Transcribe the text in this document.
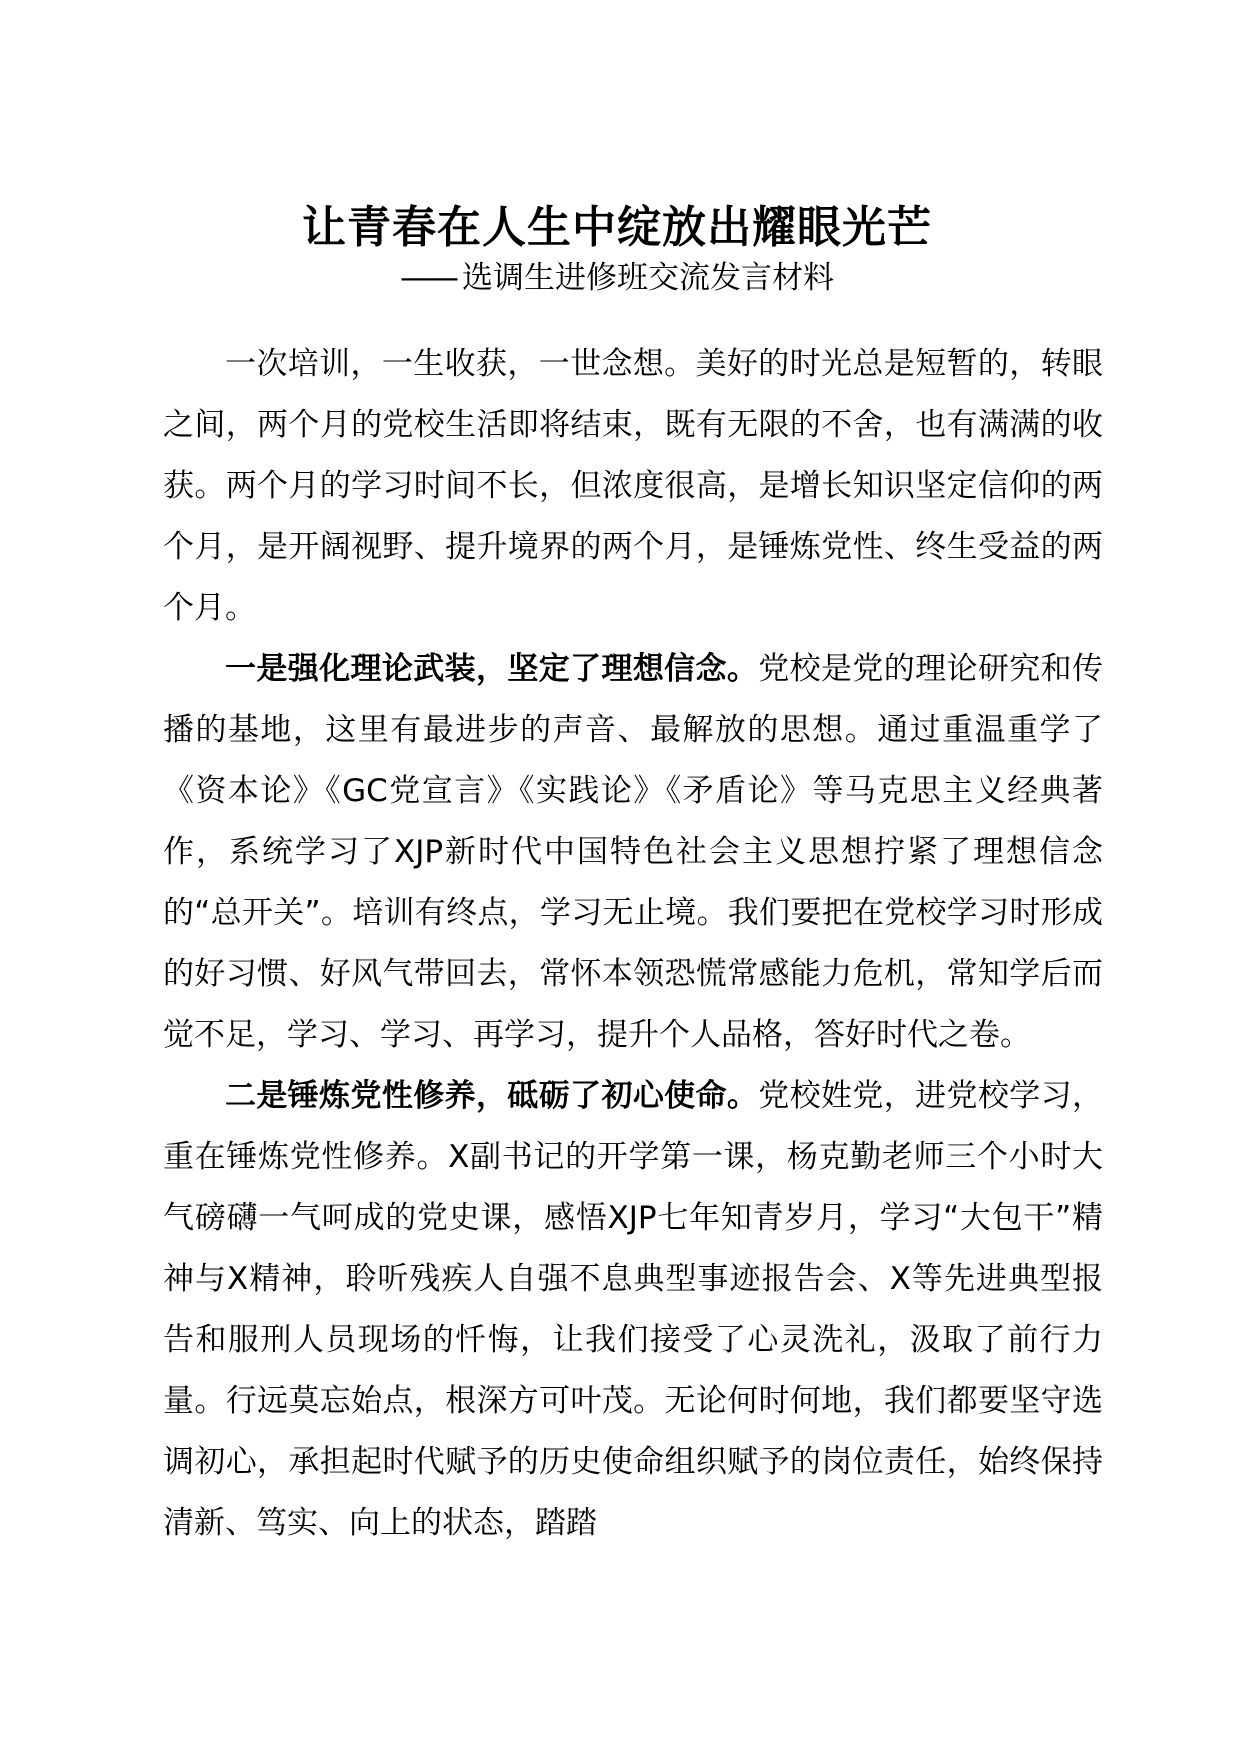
让青春在人生中绽放出耀眼光芒
—— 选调生进修班交流发言材料

一次培训，一生收获，一世念想。美好的时光总是短暂的，转眼之间，两个月的党校生活即将结束，既有无限的不舍，也有满满的收获。两个月的学习时间不长，但浓度很高，是增长知识坚定信仰的两个月，是开阔视野、提升境界的两个月，是锤炼党性、终生受益的两个月。

一是强化理论武装，坚定了理想信念。党校是党的理论研究和传播的基地，这里有最进步的声音、最解放的思想。通过重温重学了《资本论》《GC党宣言》《实践论》《矛盾论》等马克思主义经典著作，系统学习了XJP新时代中国特色社会主义思想拧紧了理想信念的“总开关”。培训有终点，学习无止境。我们要把在党校学习时形成的好习惯、好风气带回去，常怀本领恐慌常感能力危机，常知学后而觉不足，学习、学习、再学习，提升个人品格，答好时代之卷。

二是锤炼党性修养，砥砺了初心使命。党校姓党，进党校学习，重在锤炼党性修养。X副书记的开学第一课，杨克勤老师三个小时大气磅礴一气呵成的党史课，感悟XJP七年知青岁月，学习“大包干”精神与X精神，聆听残疾人自强不息典型事迹报告会、X等先进典型报告和服刑人员现场的忏悔，让我们接受了心灵洗礼，汲取了前行力量。行远莫忘始点，根深方可叶茂。无论何时何地，我们都要坚守选调初心，承担起时代赋予的历史使命组织赋予的岗位责任，始终保持清新、笃实、向上的状态，踏踏
